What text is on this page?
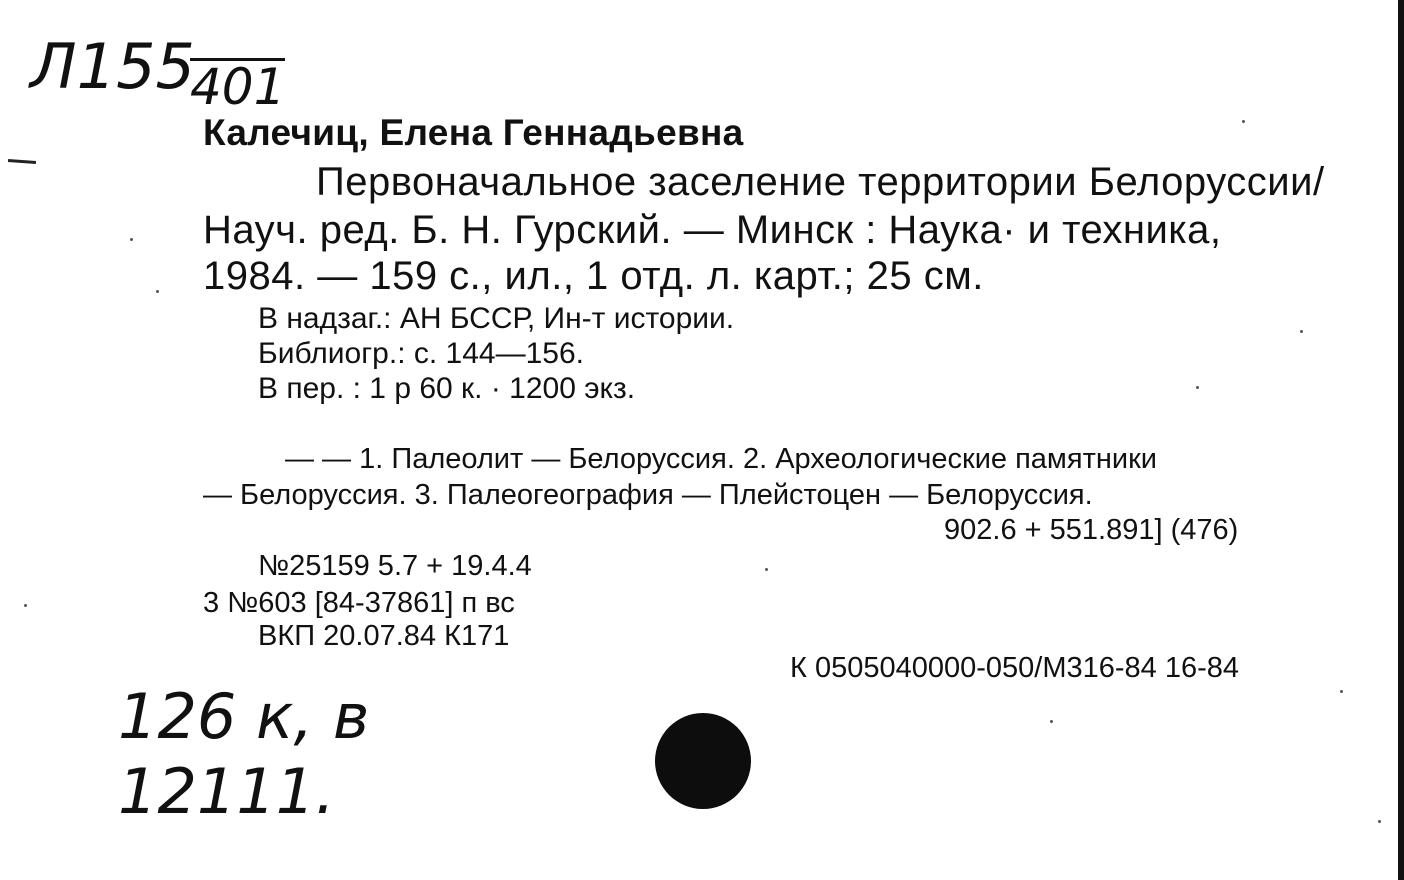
Л155
401
Калечиц, Елена Геннадьевна
Первоначальное заселение территории Белоруссии/
Науч. ред. Б. Н. Гурский. — Минск : Наука· и техника,
1984. — 159 с., ил., 1 отд. л. карт.; 25 см.
В надзаг.: АН БССР, Ин-т истории.
Библиогр.: с. 144—156.
В пер. : 1 р 60 к. · 1200 экз.
— — 1. Палеолит — Белоруссия. 2. Археологические памятники
— Белоруссия. 3. Палеогеография — Плейстоцен — Белоруссия.
902.6 + 551.891] (476)
№25159 5.7 + 19.4.4
3 №603 [84-37861] п вс
ВКП 20.07.84 К171
К 0505040000-050/М316-84 16-84
126 к, в
12111.
